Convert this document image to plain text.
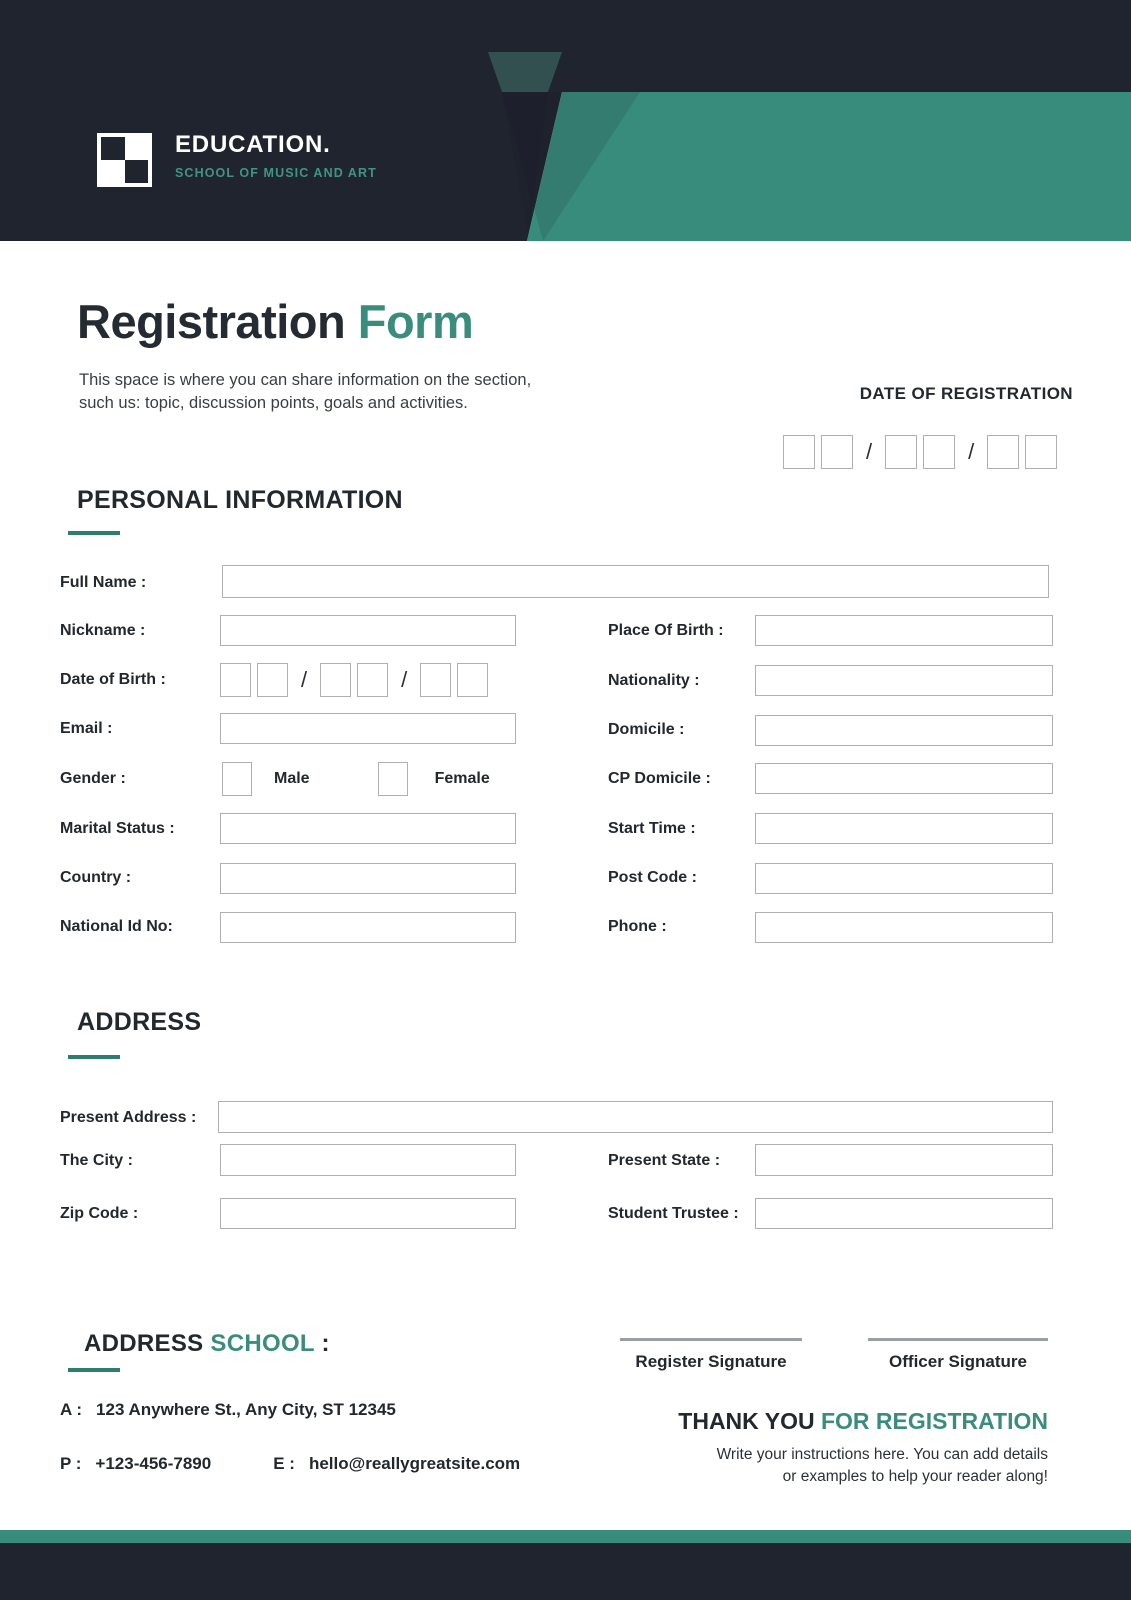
EDUCATION.
SCHOOL OF MUSIC AND ART
Registration Form
This space is where you can share information on the section,
such us: topic, discussion points, goals and activities.	DATE OF REGISTRATION
/	/
PERSONAL INFORMATION
Full Name :
Nickname :	Place Of Birth :
Date of Birth :	/	/	Nationality :
Email :	Domicile :
Gender :	Male	Female	CP Domicile :
Marital Status :	Start Time :
Country :	Post Code :
National Id No:	Phone :
ADDRESS
Present Address :
The City :	Present State :
Zip Code :	Student Trustee :
ADDRESS SCHOOL :
A : 123 Anywhere St., Any City, ST 12345
P : +123-456-7890	E : hello@reallygreatsite.com
Register Signature	Officer Signature
THANK YOU FOR REGISTRATION
Write your instructions here. You can add details
or examples to help your reader along!
